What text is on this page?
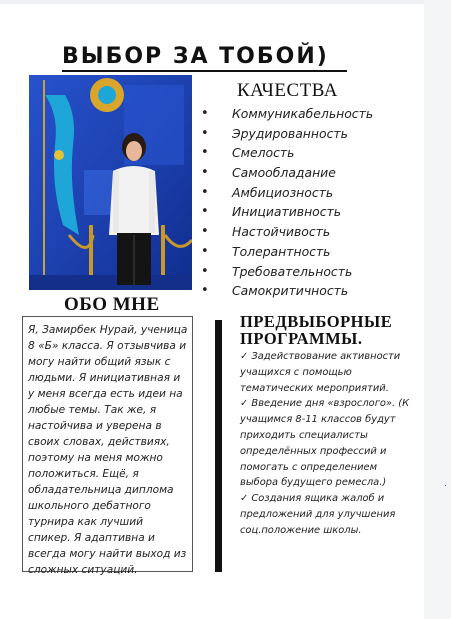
.
ВЫБОР ЗА ТОБОЙ)
КАЧЕСТВА
• Коммуникабельность
• Эрудированность
• Смелость
• Самообладание
• Амбициозность
• Инициативность
• Настойчивость
• Толерантность
• Требовательность
• Самокритичность
ОБО МНЕ
Я, Замирбек Нурай, ученица 8 «Б» класса. Я отзывчива и могу найти общий язык с людьми. Я инициативная и у меня всегда есть идеи на любые темы. Так же, я настойчива и уверена в своих словах, действиях, поэтому на меня можно положиться. Ещё, я обладательница диплома школьного дебатного турнира как лучший спикер. Я адаптивна и всегда могу найти выход из сложных ситуаций.
ПРЕДВЫБОРНЫЕ ПРОГРАММЫ.

✓ Задействование активности учащихся с помощью тематических мероприятий.

✓ Введение дня «взрослого». (К учащимся 8-11 классов будут приходить специалисты определённых профессий и помогать с определением выбора будущего ремесла.)

✓ Создания ящика жалоб и предложений для улучшения соц.положение школы.
